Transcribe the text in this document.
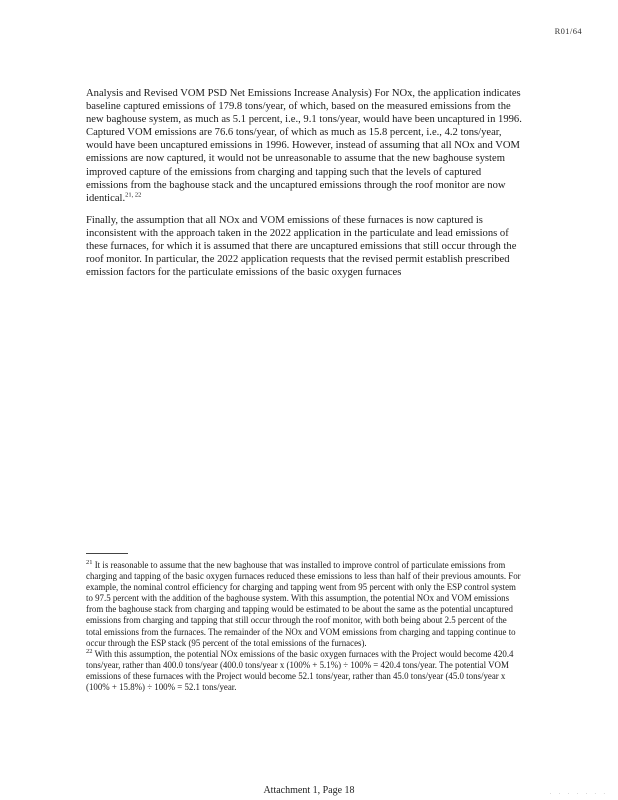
R01/64

Analysis and Revised VOM PSD Net Emissions Increase Analysis) For NOx, the application indicates baseline captured emissions of 179.8 tons/year, of which, based on the measured emissions from the new baghouse system, as much as 5.1 percent, i.e., 9.1 tons/year, would have been uncaptured in 1996. Captured VOM emissions are 76.6 tons/year, of which as much as 15.8 percent, i.e., 4.2 tons/year, would have been uncaptured emissions in 1996. However, instead of assuming that all NOx and VOM emissions are now captured, it would not be unreasonable to assume that the new baghouse system improved capture of the emissions from charging and tapping such that the levels of captured emissions from the baghouse stack and the uncaptured emissions through the roof monitor are now identical.$^{21, 22}$

Finally, the assumption that all NOx and VOM emissions of these furnaces is now captured is inconsistent with the approach taken in the 2022 application in the particulate and lead emissions of these furnaces, for which it is assumed that there are uncaptured emissions that still occur through the roof monitor. In particular, the 2022 application requests that the revised permit establish prescribed emission factors for the particulate emissions of the basic oxygen furnaces

$^{21}$ It is reasonable to assume that the new baghouse that was installed to improve control of particulate emissions from charging and tapping of the basic oxygen furnaces reduced these emissions to less than half of their previous amounts. For example, the nominal control efficiency for charging and tapping went from 95 percent with only the ESP control system to 97.5 percent with the addition of the baghouse system. With this assumption, the potential NOx and VOM emissions from the baghouse stack from charging and tapping would be estimated to be about the same as the potential uncaptured emissions from charging and tapping that still occur through the roof monitor, with both being about 2.5 percent of the total emissions from the furnaces. The remainder of the NOx and VOM emissions from charging and tapping continue to occur through the ESP stack (95 percent of the total emissions of the furnaces).

$^{22}$ With this assumption, the potential NOx emissions of the basic oxygen furnaces with the Project would become 420.4 tons/year, rather than 400.0 tons/year (400.0 tons/year x (100% + 5.1%) ÷ 100% = 420.4 tons/year. The potential VOM emissions of these furnaces with the Project would become 52.1 tons/year, rather than 45.0 tons/year (45.0 tons/year x (100% + 15.8%) ÷ 100% = 52.1 tons/year.

Attachment 1, Page 18	· · · · · · ·
